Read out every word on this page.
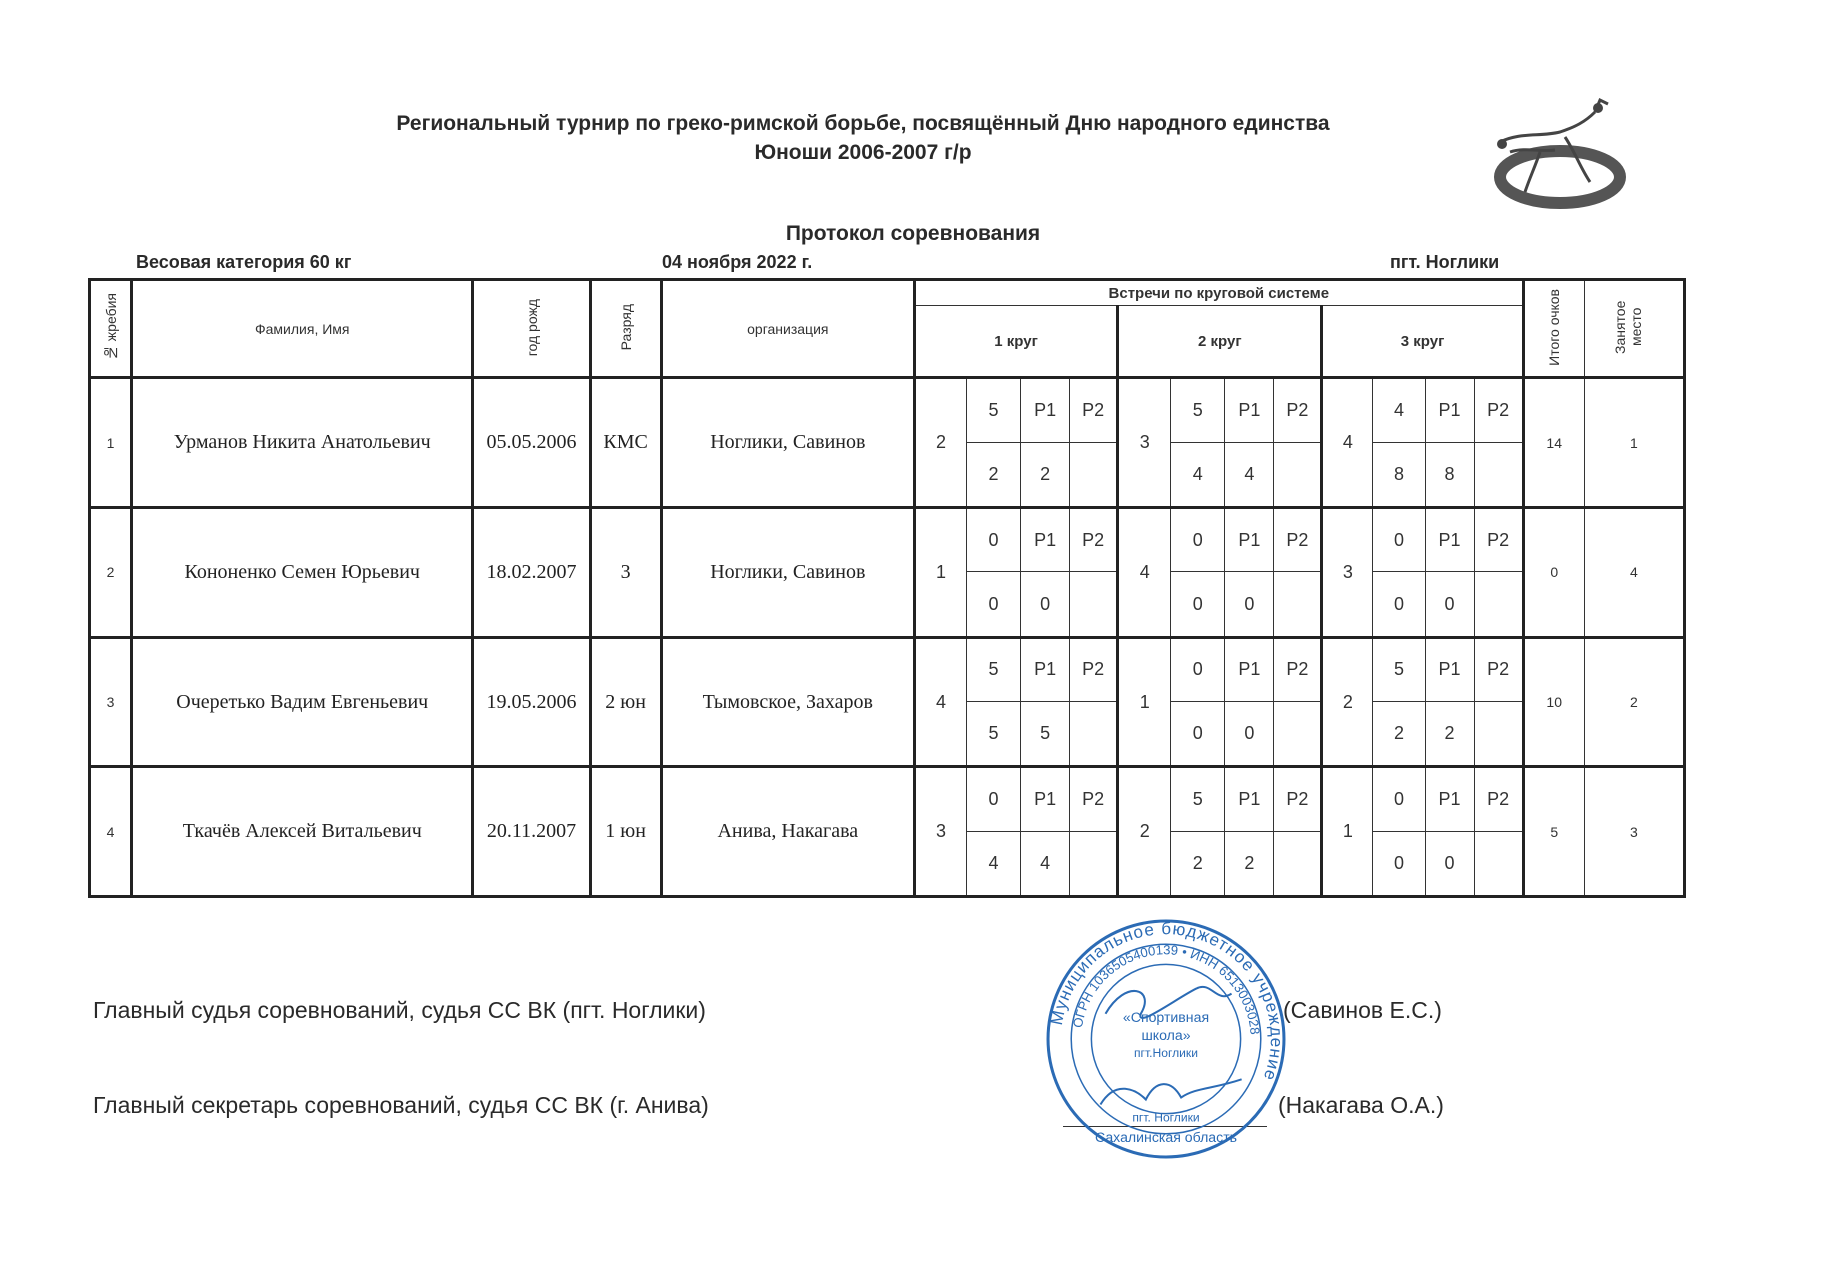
Региональный турнир по греко-римской борьбе, посвящённый Дню народного единства
Юноши 2006-2007 г/р
Протокол соревнования
Весовая категория 60 кг	04 ноября 2022 г.	пгт. Ноглики
№ жребия	Фамилия, Имя	год рожд	Разряд	организация	Встречи по круговой системе												Итого очков	Занятое место
					1 круг				2 круг				3 круг					
1	Урманов Никита Анатольевич	05.05.2006	КМС	Ноглики, Савинов	2	5	Р1	Р2	3	5	Р1	Р2	4	4	Р1	Р2	14	1
						2	2			4	4			8	8			
2	Кононенко Семен Юрьевич	18.02.2007	3	Ноглики, Савинов	1	0	Р1	Р2	4	0	Р1	Р2	3	0	Р1	Р2	0	4
						0	0			0	0			0	0			
3	Очеретько Вадим Евгеньевич	19.05.2006	2 юн	Тымовское, Захаров	4	5	Р1	Р2	1	0	Р1	Р2	2	5	Р1	Р2	10	2
						5	5			0	0			2	2			
4	Ткачёв Алексей Витальевич	20.11.2007	1 юн	Анива, Накагава	3	0	Р1	Р2	2	5	Р1	Р2	1	0	Р1	Р2	5	3
						4	4			2	2			0	0			
Главный судья соревнований, судья СС ВК (пгт. Ноглики)	(Савинов Е.С.)
Главный секретарь соревнований, судья СС ВК (г. Анива)	(Накагава О.А.)
Муниципальное бюджетное учреждение
ОГРН 1036505400139 • ИНН 6513003028
«Спортивная
школа»
пгт.Ноглики
пгт. Ноглики
Сахалинская область
